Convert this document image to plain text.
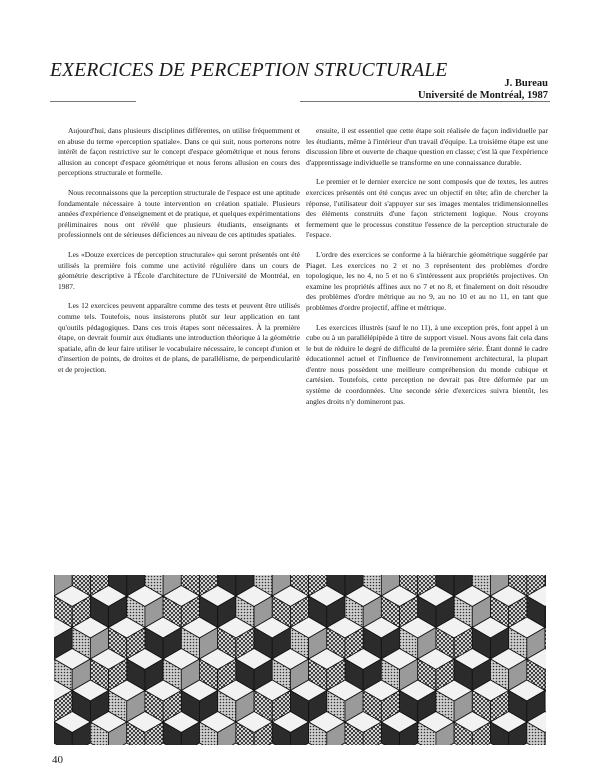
EXERCICES DE PERCEPTION STRUCTURALE
J. Bureau
Université de Montréal, 1987

Aujourd'hui, dans plusieurs disciplines différentes, on utilise fréquemment et en abuse du terme «perception spatiale». Dans ce qui suit, nous porterons notre intérêt de façon restrictive sur le concept d'espace géométrique et nous ferons allusion au concept d'espace géométrique et nous ferons allusion en cours des perceptions structurale et formelle.

Nous reconnaissons que la perception structurale de l'espace est une aptitude fondamentale nécessaire à toute intervention en création spatiale. Plusieurs années d'expérience d'enseignement et de pratique, et quelques expérimentations préliminaires nous ont révélé que plusieurs étudiants, enseignants et professionnels ont de sérieuses déficiences au niveau de ces aptitudes spatiales.

Les «Douze exercices de perception structurale» qui seront présentés ont été utilisés la première fois comme une activité régulière dans un cours de géométrie descriptive à l'École d'architecture de l'Université de Montréal, en 1987.

Les 12 exercices peuvent apparaître comme des tests et peuvent être utilisés comme tels. Toutefois, nous insisterons plutôt sur leur application en tant qu'outils pédagogiques. Dans ces trois étapes sont nécessaires. À la première étape, on devrait fournir aux étudiants une introduction théorique à la géométrie spatiale, afin de leur faire utiliser le vocabulaire nécessaire, le concept d'union et d'insertion de points, de droites et de plans, de parallélisme, de perpendicularité et de projection.

ensuite, il est essentiel que cette étape soit réalisée de façon individuelle par les étudiants, même à l'intérieur d'un travail d'équipe. La troisième étape est une discussion libre et ouverte de chaque question en classe; c'est là que l'expérience d'apprentissage individuelle se transforme en une connaissance durable.

Le premier et le dernier exercice ne sont composés que de textes, les autres exercices présentés ont été conçus avec un objectif en tête; afin de chercher la réponse, l'utilisateur doit s'appuyer sur ses images mentales tridimensionnelles des éléments construits d'une façon strictement logique. Nous croyons fermement que le processus constitue l'essence de la perception structurale de l'espace.

L'ordre des exercices se conforme à la hiérarchie géométrique suggérée par Piaget. Les exercices no 2 et no 3 représentent des problèmes d'ordre topologique, les no 4, no 5 et no 6 s'intéressent aux propriétés projectives. On examine les propriétés affines aux no 7 et no 8, et finalement on doit résoudre des problèmes d'ordre métrique au no 9, au no 10 et au no 11, en tant que problèmes d'ordre projectif, affine et métrique.

Les exercices illustrés (sauf le no 11), à une exception près, font appel à un cube ou à un parallélépipède à titre de support visuel. Nous avons fait cela dans le but de réduire le degré de difficulté de la première série. Étant donné le cadre éducationnel actuel et l'influence de l'environnement architectural, la plupart d'entre nous possèdent une meilleure compréhension du monde cubique et cartésien. Toutefois, cette perception ne devrait pas être déformée par un système de coordonnées. Une seconde série d'exercices suivra bientôt, les angles droits n'y domineront pas.

40
